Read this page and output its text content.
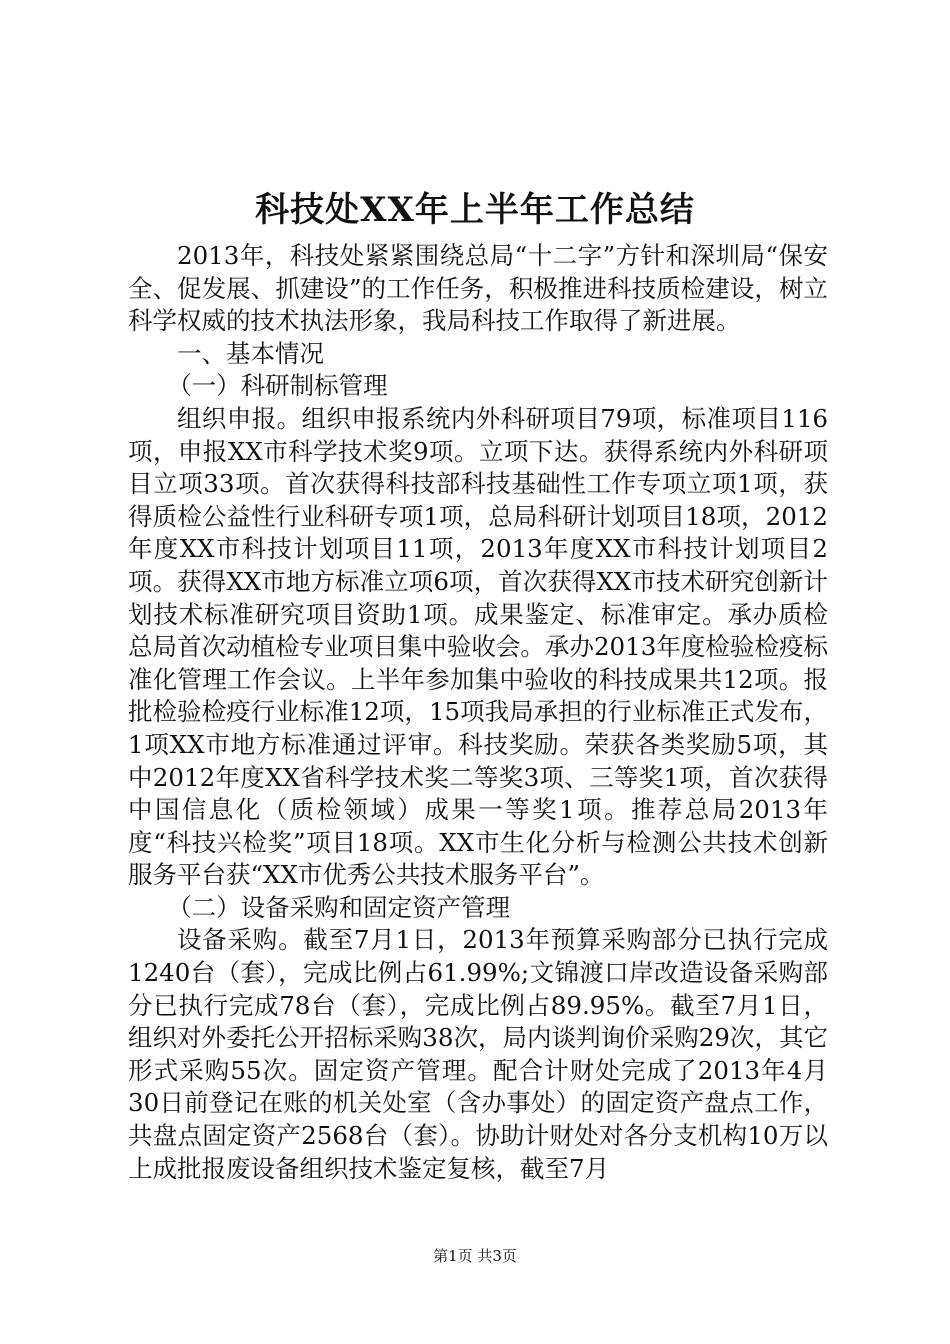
科技处XX年上半年工作总结

2013年，科技处紧紧围绕总局“十二字”方针和深圳局“保安全、促发展、抓建设”的工作任务，积极推进科技质检建设，树立科学权威的技术执法形象，我局科技工作取得了新进展。

一、基本情况

（一）科研制标管理

组织申报。组织申报系统内外科研项目79项，标准项目116项，申报XX市科学技术奖9项。立项下达。获得系统内外科研项目立项33项。首次获得科技部科技基础性工作专项立项1项，获得质检公益性行业科研专项1项，总局科研计划项目18项，2012年度XX市科技计划项目11项，2013年度XX市科技计划项目2项。获得XX市地方标准立项6项，首次获得XX市技术研究创新计划技术标准研究项目资助1项。成果鉴定、标准审定。承办质检总局首次动植检专业项目集中验收会。承办2013年度检验检疫标准化管理工作会议。上半年参加集中验收的科技成果共12项。报批检验检疫行业标准12项，15项我局承担的行业标准正式发布，1项XX市地方标准通过评审。科技奖励。荣获各类奖励5项，其中2012年度XX省科学技术奖二等奖3项、三等奖1项，首次获得中国信息化（质检领域）成果一等奖1项。推荐总局2013年度“科技兴检奖”项目18项。XX市生化分析与检测公共技术创新服务平台获“XX市优秀公共技术服务平台”。

（二）设备采购和固定资产管理

设备采购。截至7月1日，2013年预算采购部分已执行完成1240台（套），完成比例占61.99%;文锦渡口岸改造设备采购部分已执行完成78台（套），完成比例占89.95%。截至7月1日，组织对外委托公开招标采购38次，局内谈判询价采购29次，其它形式采购55次。固定资产管理。配合计财处完成了2013年4月30日前登记在账的机关处室（含办事处）的固定资产盘点工作，共盘点固定资产2568台（套）。协助计财处对各分支机构10万以上成批报废设备组织技术鉴定复核，截至7月

第1页 共3页
